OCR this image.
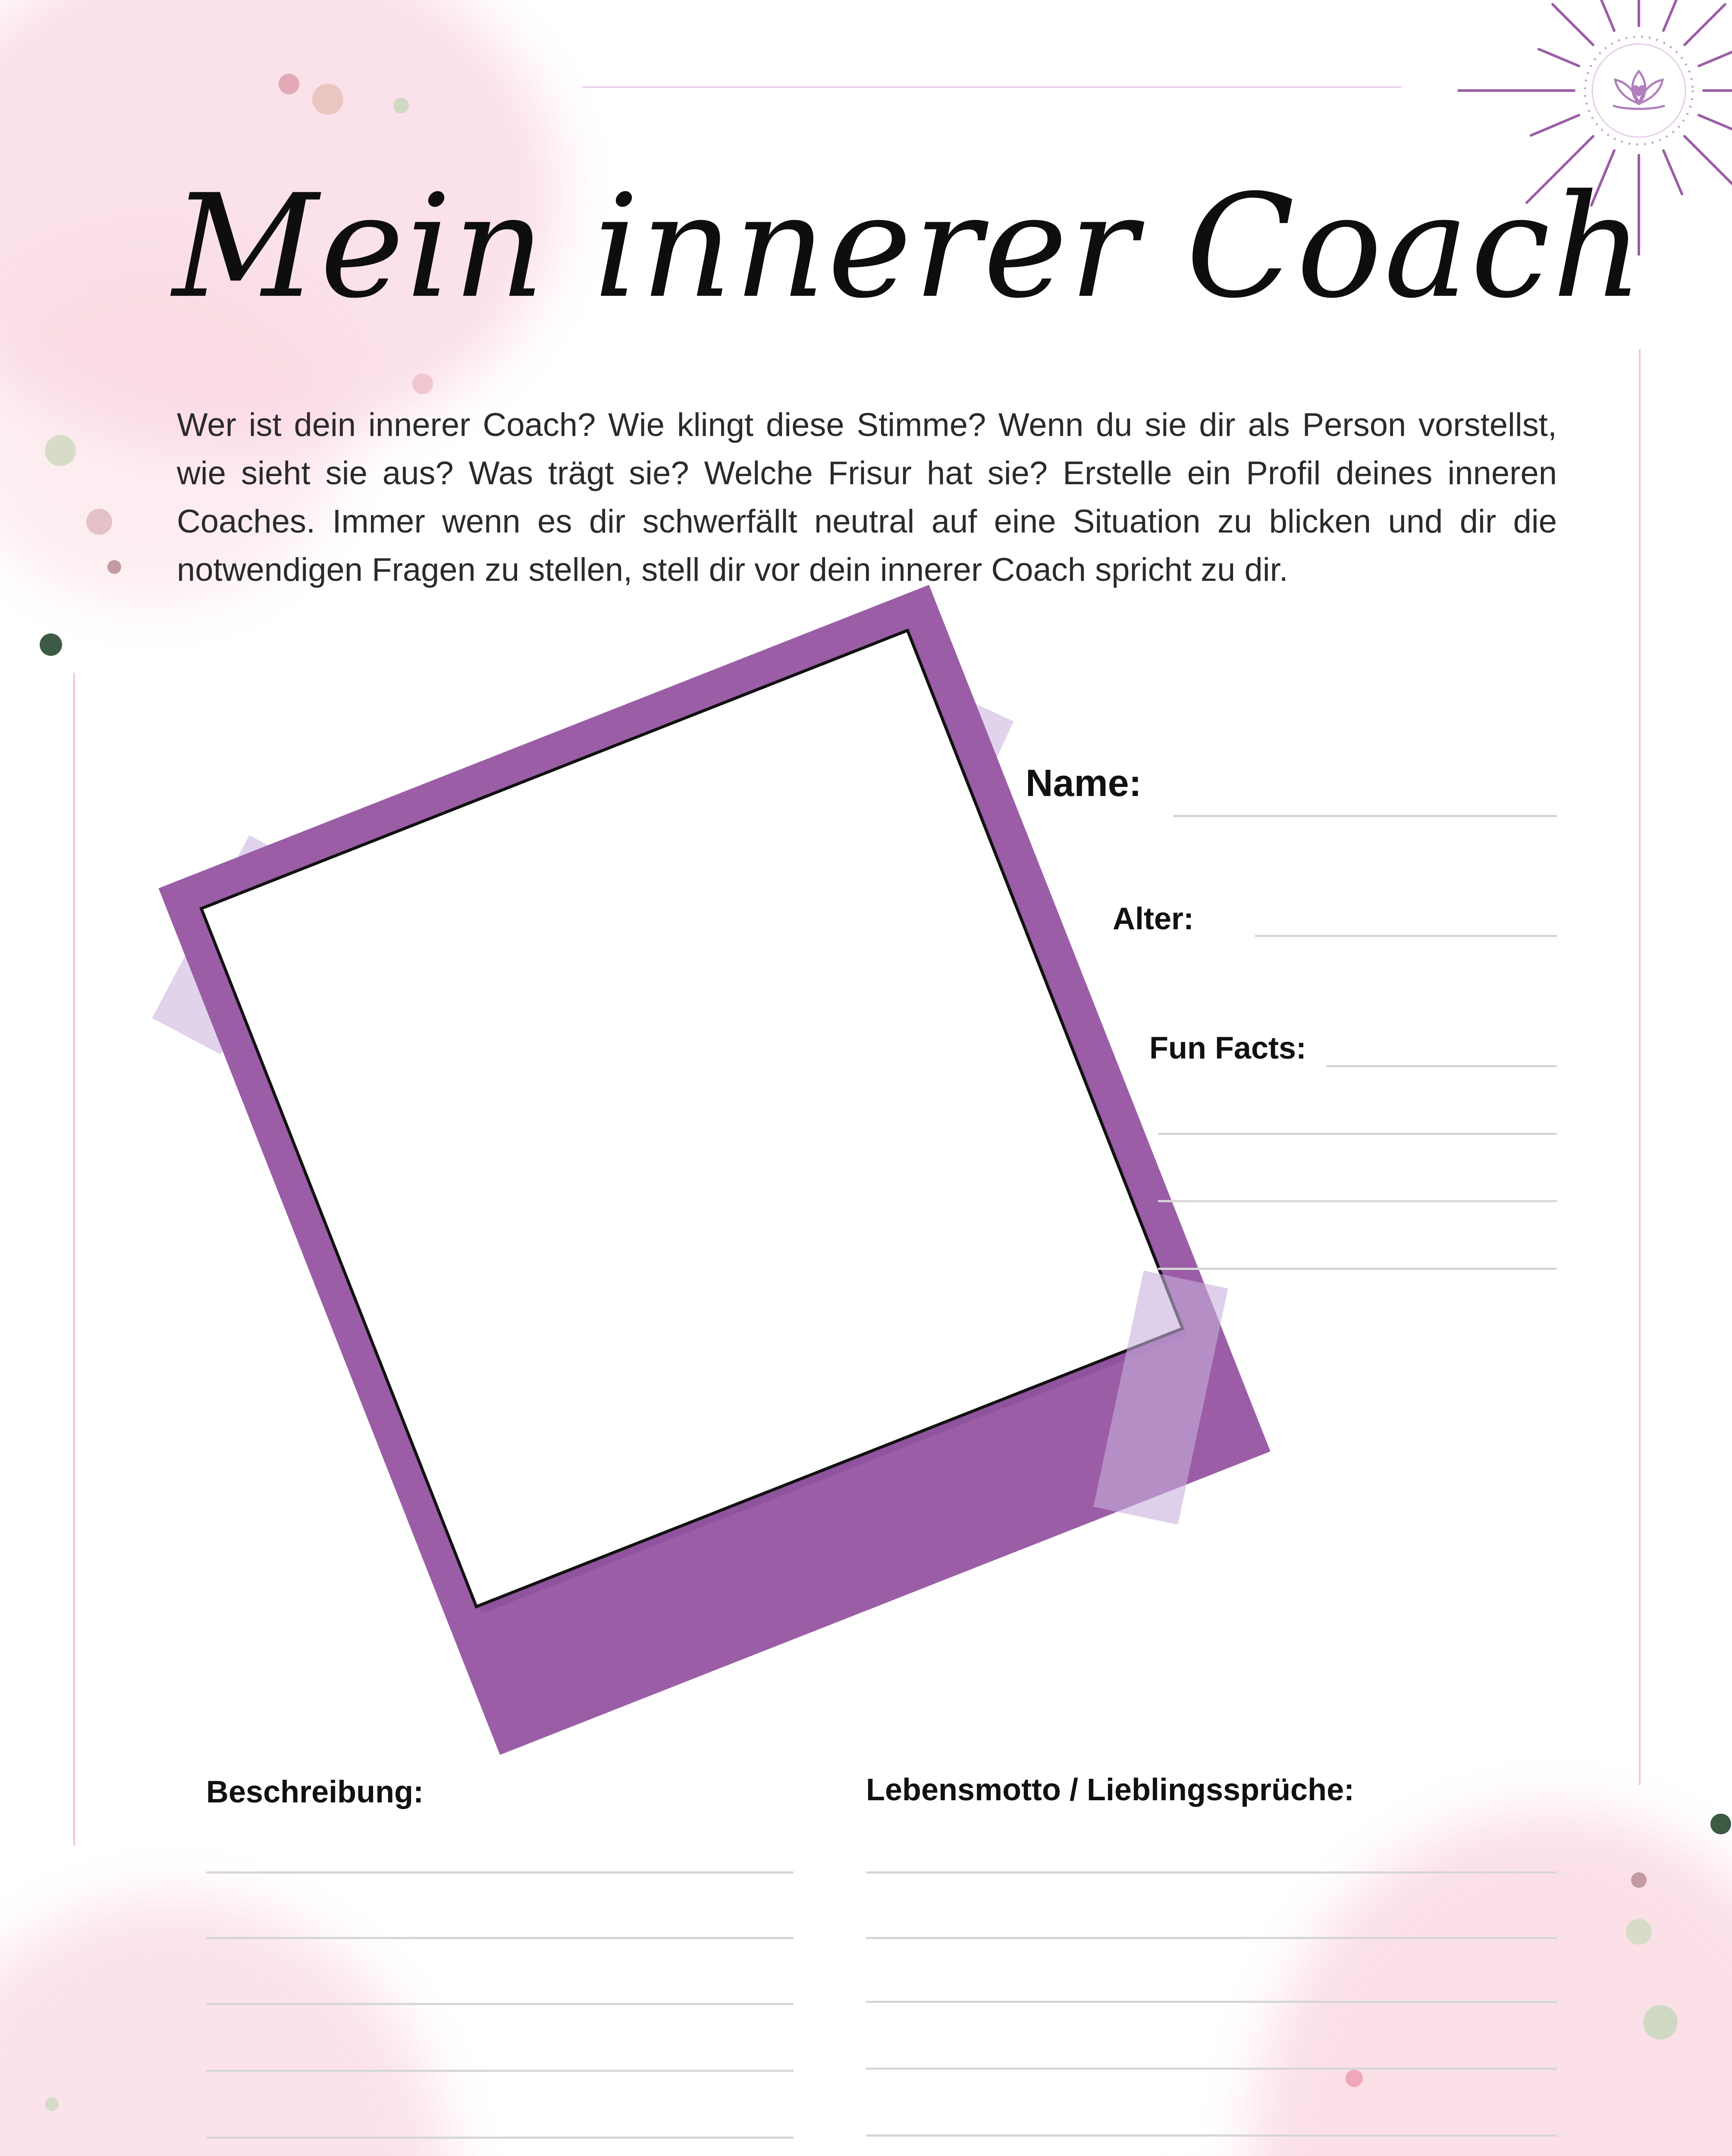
Mein innerer Coach
Wer ist dein innerer Coach? Wie klingt diese Stimme? Wenn du sie dir als Person vorstellst, wie sieht sie aus? Was trägt sie? Welche Frisur hat sie? Erstelle ein Profil deines inneren Coaches. Immer wenn es dir schwerfällt neutral auf eine Situation zu blicken und dir die notwendigen Fragen zu stellen, stell dir vor dein innerer Coach spricht zu dir.
Name:
Alter:
Fun Facts:
Beschreibung:	Lebensmotto / Lieblingssprüche:
